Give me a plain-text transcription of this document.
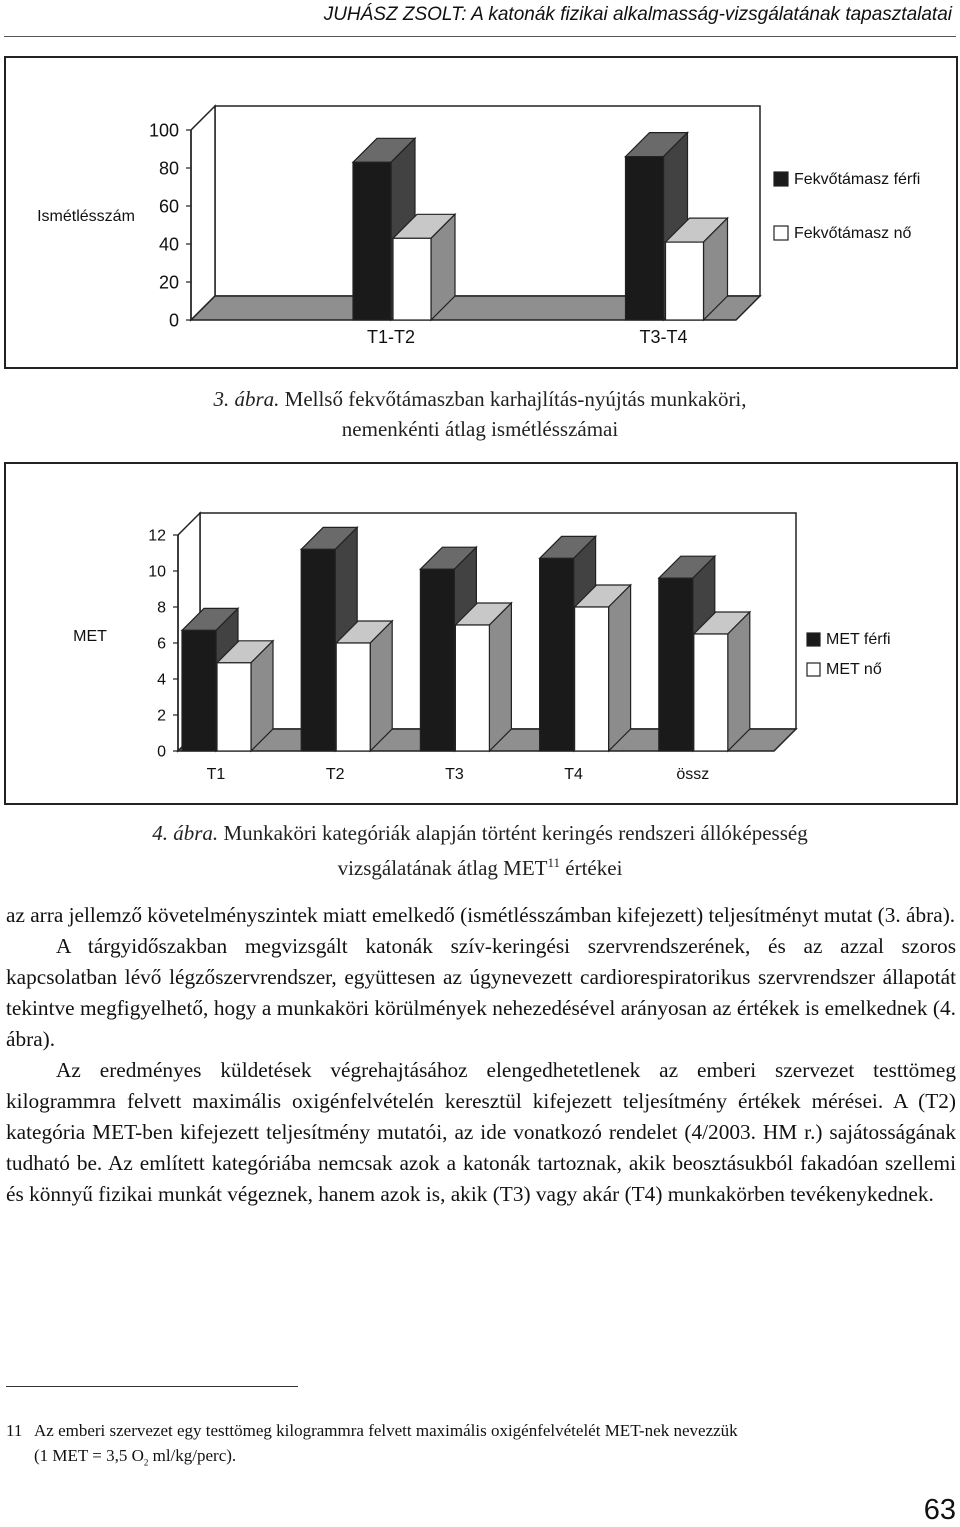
JUHÁSZ ZSOLT: A katonák fizikai alkalmasság-vizsgálatának tapasztalatai
100
80
60
40
20
0
Ismétlésszám
T1-T2	T3-T4
Fekvőtámasz férfi
Fekvőtámasz nő
3. ábra. Mellső fekvőtámaszban karhajlítás-nyújtás munkaköri,
nemenkénti átlag ismétlésszámai
12
10
8
6
4
2
0
MET
T1	T2	T3	T4	össz
MET férfi
MET nő
4. ábra. Munkaköri kategóriák alapján történt keringés rendszeri állóképesség
vizsgálatának átlag MET$^{11}$ értékei

az arra jellemző követelményszintek miatt emelkedő (ismétlésszámban kifejezett) teljesítményt mutat (3. ábra).

A tárgyidőszakban megvizsgált katonák szív-keringési szervrendszerének, és az azzal szoros kapcsolatban lévő légzőszervrendszer, együttesen az úgynevezett cardiorespiratorikus szervrendszer állapotát tekintve megfigyelhető, hogy a munkaköri körülmények nehezedésével arányosan az értékek is emelkednek (4. ábra).

Az eredményes küldetések végrehajtásához elengedhetetlenek az emberi szervezet testtömeg kilogrammra felvett maximális oxigénfelvételén keresztül kifejezett teljesítmény értékek mérései. A (T2) kategória MET-ben kifejezett teljesítmény mutatói, az ide vonatkozó rendelet (4/2003. HM r.) sajátosságának tudható be. Az említett kategóriába nemcsak azok a katonák tartoznak, akik beosztásukból fakadóan szellemi és könnyű fizikai munkát végeznek, hanem azok is, akik (T3) vagy akár (T4) munkakörben tevékenykednek.

11 Az emberi szervezet egy testtömeg kilogrammra felvett maximális oxigénfelvételét MET-nek nevezzük
(1 MET = 3,5 $O_2$ ml/kg/perc).
63
